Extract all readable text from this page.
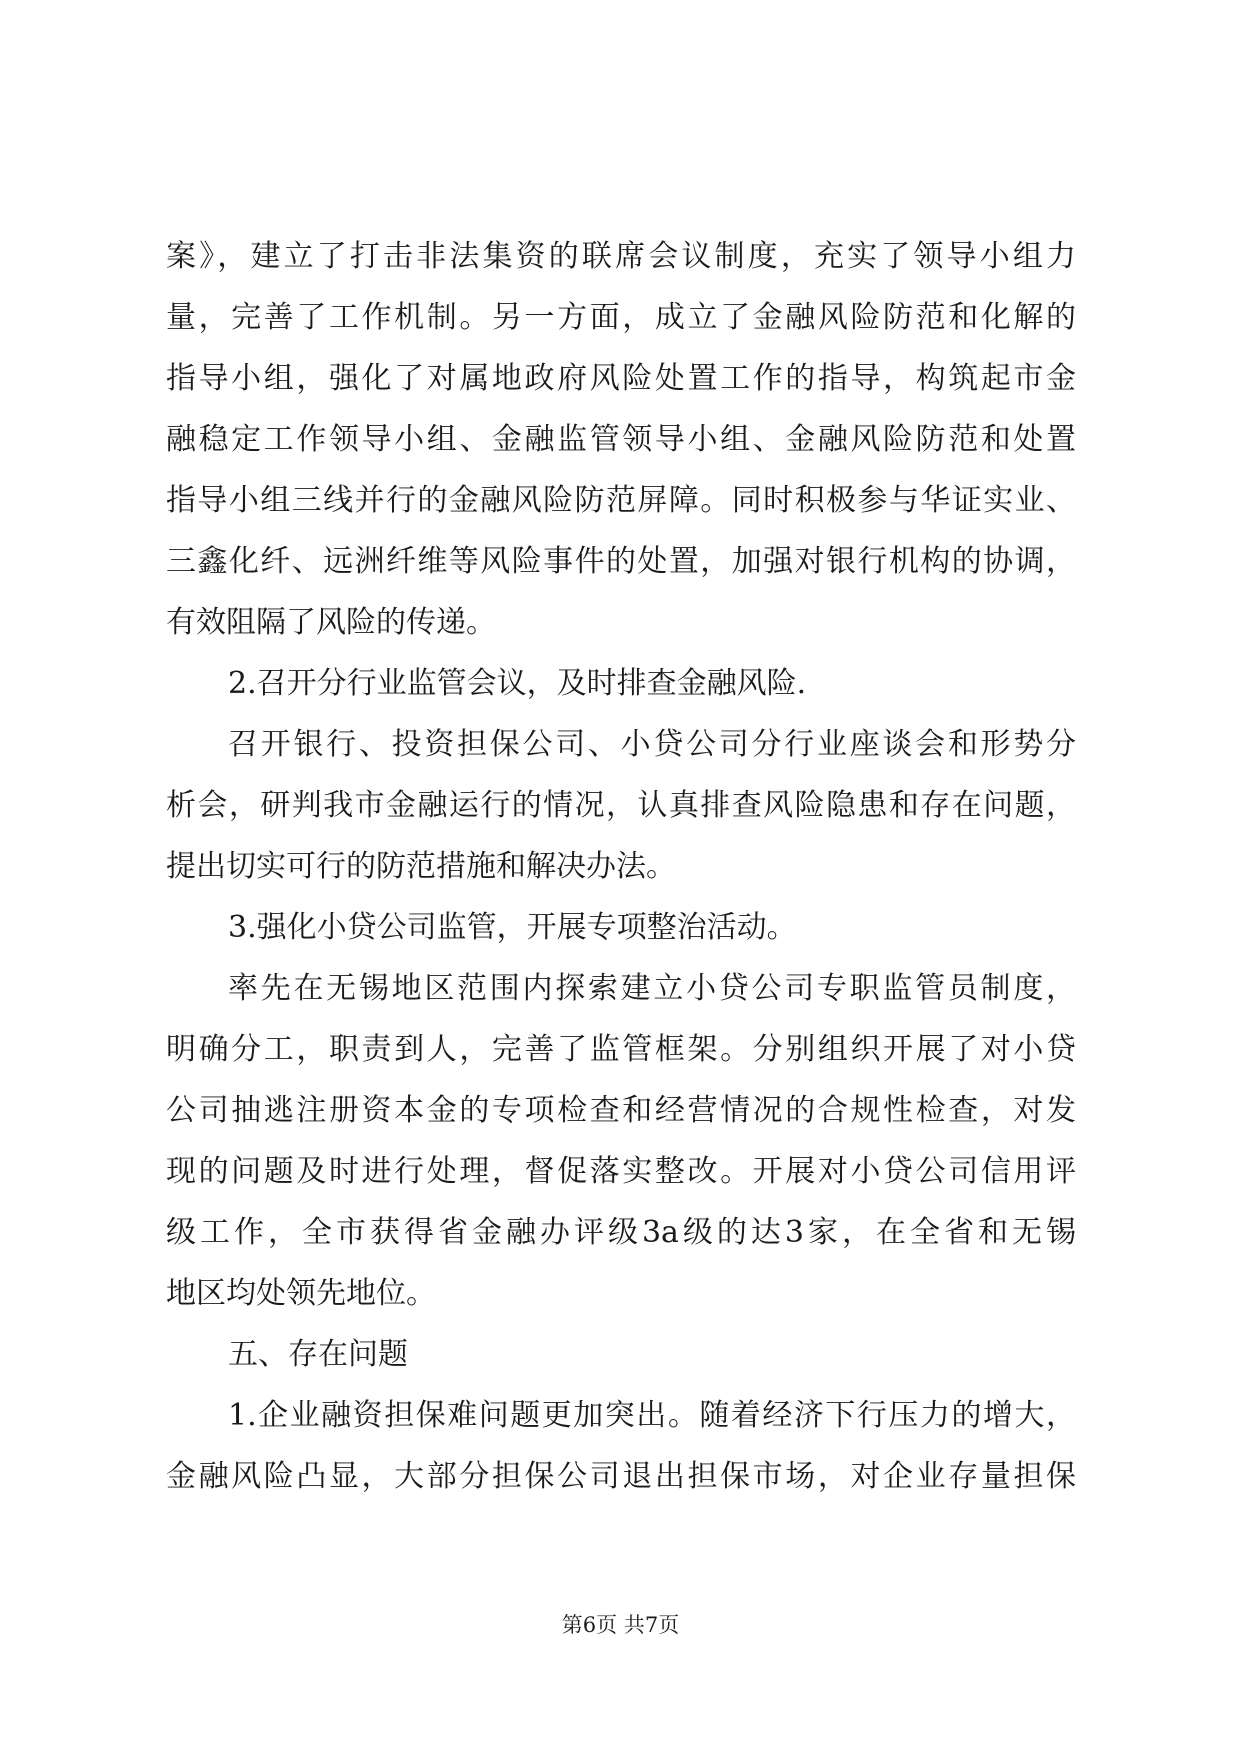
案》，建立了打击非法集资的联席会议制度，充实了领导小组力
量，完善了工作机制。另一方面，成立了金融风险防范和化解的
指导小组，强化了对属地政府风险处置工作的指导，构筑起市金
融稳定工作领导小组、金融监管领导小组、金融风险防范和处置
指导小组三线并行的金融风险防范屏障。同时积极参与华证实业、
三鑫化纤、远洲纤维等风险事件的处置，加强对银行机构的协调，
有效阻隔了风险的传递。
2.召开分行业监管会议，及时排查金融风险.
召开银行、投资担保公司、小贷公司分行业座谈会和形势分
析会，研判我市金融运行的情况，认真排查风险隐患和存在问题，
提出切实可行的防范措施和解决办法。
3.强化小贷公司监管，开展专项整治活动。
率先在无锡地区范围内探索建立小贷公司专职监管员制度，
明确分工，职责到人，完善了监管框架。分别组织开展了对小贷
公司抽逃注册资本金的专项检查和经营情况的合规性检查，对发
现的问题及时进行处理，督促落实整改。开展对小贷公司信用评
级工作，全市获得省金融办评级3a级的达3家，在全省和无锡
地区均处领先地位。
五、存在问题
1.企业融资担保难问题更加突出。随着经济下行压力的增大，
金融风险凸显，大部分担保公司退出担保市场，对企业存量担保
第6页 共7页
